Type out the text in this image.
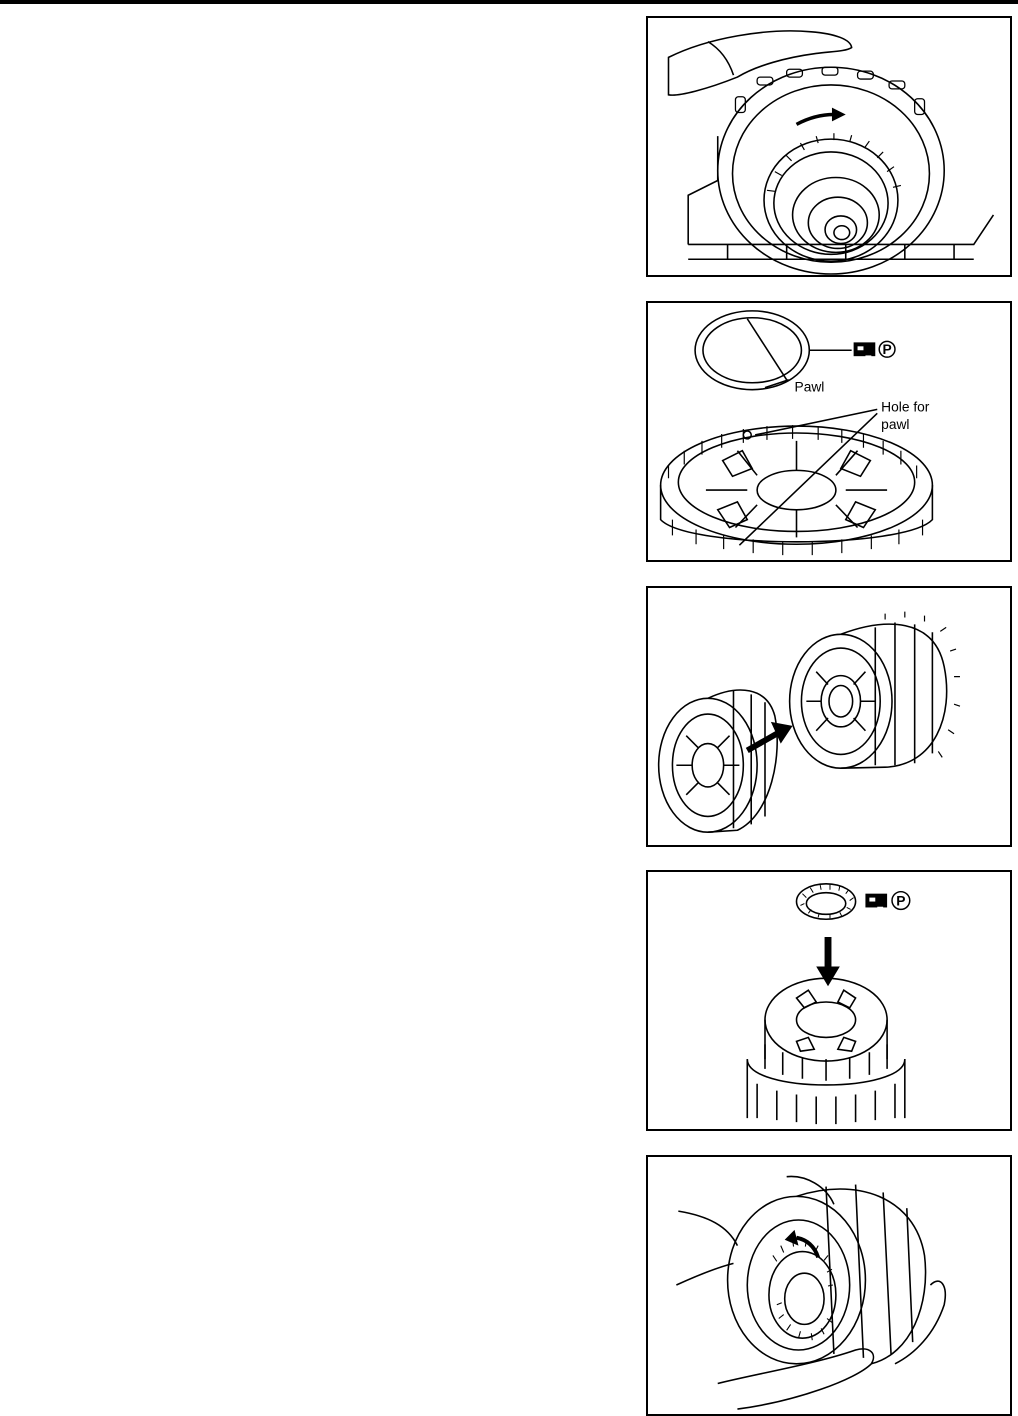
P
Pawl
Hole for
pawl
P
